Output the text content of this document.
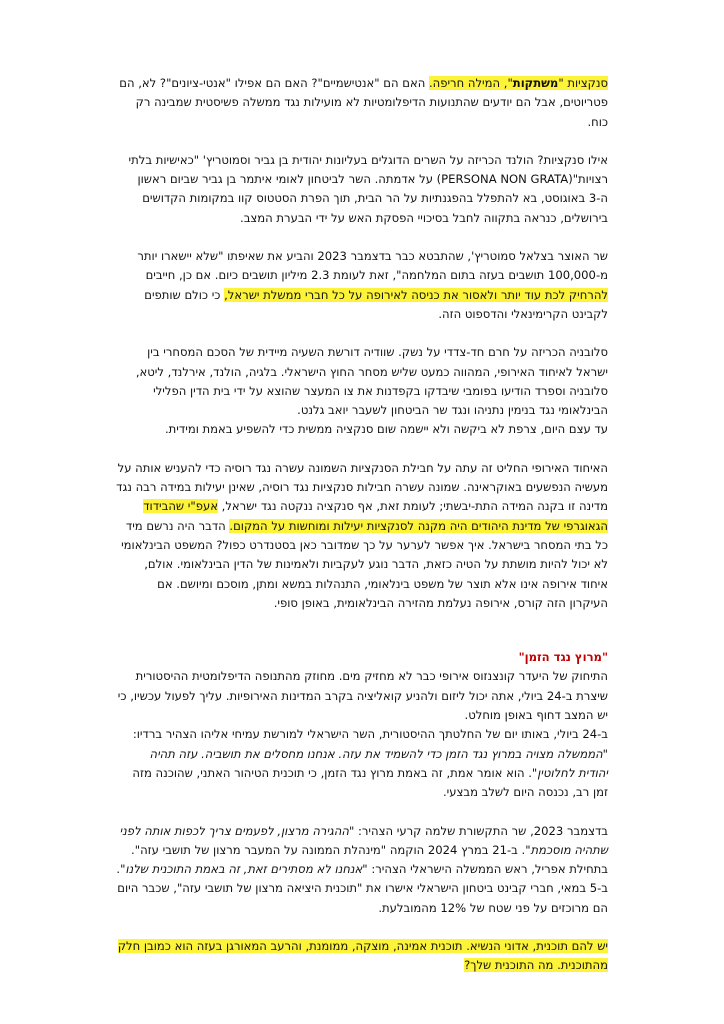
סנקציות "משתקות", המילה חריפה. האם הם "אנטישמיים"? האם הם אפילו "אנטי-ציונים"? לא, הם פטריוטים, אבל הם יודעים שהתנועות הדיפלומטיות לא מועילות נגד ממשלה פשיסטית שמבינה רק כוח.

אילו סנקציות? הולנד הכריזה על השרים הדוגלים בעליונות יהודית בן גביר וסמוטריץ' "כאישיות בלתי רצויות"(PERSONA NON GRATA) על אדמתה. השר לביטחון לאומי איתמר בן גביר שביום ראשון ה-3 באוגוסט, בא להתפלל בהפגנתיות על הר הבית, תוך הפרת הסטטוס קוו במקומות הקדושים בירושלים, כנראה בתקווה לחבל בסיכויי הפסקת האש על ידי הבערת המצב.

שר האוצר בצלאל סמוטריץ', שהתבטא כבר בדצמבר 2023 והביע את שאיפתו "שלא יישארו יותר מ-100,000 תושבים בעזה בתום המלחמה", זאת לעומת 2.3 מיליון תושבים כיום. אם כן, חייבים להרחיק לכת עוד יותר ולאסור את כניסה לאירופה על כל חברי ממשלת ישראל, כי כולם שותפים לקבינט הקרימינאלי והדספוט הזה.

סלובניה הכריזה על חרם חד-צדדי על נשק. שוודיה דורשת השעיה מיידית של הסכם המסחרי בין ישראל לאיחוד האירופי, המהווה כמעט שליש מסחר החוץ הישראלי. בלגיה, הולנד, אירלנד, ליטא, סלובניה וספרד הודיעו בפומבי שיבדקו בקפדנות את צו המעצר שהוצא על ידי בית הדין הפלילי הבינלאומי נגד בנימין נתניהו ונגד שר הביטחון לשעבר יואב גלנט.

עד עצם היום, צרפת לא ביקשה ולא יישמה שום סנקציה ממשית כדי להשפיע באמת ומידית.

האיחוד האירופי החליט זה עתה על חבילת הסנקציות השמונה עשרה נגד רוסיה כדי להעניש אותה על מעשיה הנפשעים באוקראינה. שמונה עשרה חבילות סנקציות נגד רוסיה, שאינן יעילות במידה רבה נגד מדינה זו בקנה המידה התת-יבשתי; לעומת זאת, אף סנקציה ננקטה נגד ישראל, אעפ"י שהבידוד הגאוגרפי של מדינת היהודים היה מקנה לסנקציות יעילות ומוחשות על המקום. הדבר היה נרשם מיד כל בתי המסחר בישראל. איך אפשר לערער על כך שמדובר כאן בסטנדרט כפול? המשפט הבינלאומי לא יכול להיות מושתת על הטיה כזאת, הדבר נוגע לעקביות ולאמינות של הדין הבינלאומי. אולם, איחוד אירופה אינו אלא תוצר של משפט בינלאומי, התנהלות במשא ומתן, מוסכם ומיושם. אם העיקרון הזה קורס, אירופה נעלמת מהזירה הבינלאומית, באופן סופי.

"מרוץ נגד הזמן"

התיחוק של היעדר קונצנזוס אירופי כבר לא מחזיק מים. מחוזק מהתנופה הדיפלומטית ההיסטורית שיצרת ב-24 ביולי, אתה יכול ליזום ולהניע קואליציה בקרב המדינות האירופיות. עליך לפעול עכשיו, כי יש המצב דחוף באופן מוחלט.

ב-24 ביולי, באותו יום של החלטתך ההיסטורית, השר הישראלי למורשת עמיחי אליהו הצהיר ברדיו: "הממשלה מצויה במרוץ נגד הזמן כדי להשמיד את עזה. אנחנו מחסלים את תושביה. עזה תהיה יהודית לחלוטין". הוא אומר אמת, זה באמת מרוץ נגד הזמן, כי תוכנית הטיהור האתני, שהוכנה מזה זמן רב, נכנסה היום לשלב מבצעי.

בדצמבר 2023, שר התקשורת שלמה קרעי הצהיר: "ההגירה מרצון, לפעמים צריך לכפות אותה לפני שתהיה מוסכמת". ב-21 במרץ 2024 הוקמה "מינהלת הממונה על המעבר מרצון של תושבי עזה". בתחילת אפריל, ראש הממשלה הישראלי הצהיר: "אנחנו לא מסתירים זאת, זה באמת התוכנית שלנו". ב-5 במאי, חברי קבינט ביטחון הישראלי אישרו את "תוכנית היציאה מרצון של תושבי עזה", שכבר היום הם מרוכזים על פני שטח של 12% מהמובלעת.

יש להם תוכנית, אדוני הנשיא. תוכנית אמינה, מוצקה, ממומנת, והרעב המאורגן בעזה הוא כמובן חלק מהתוכנית. מה התוכנית שלך?
